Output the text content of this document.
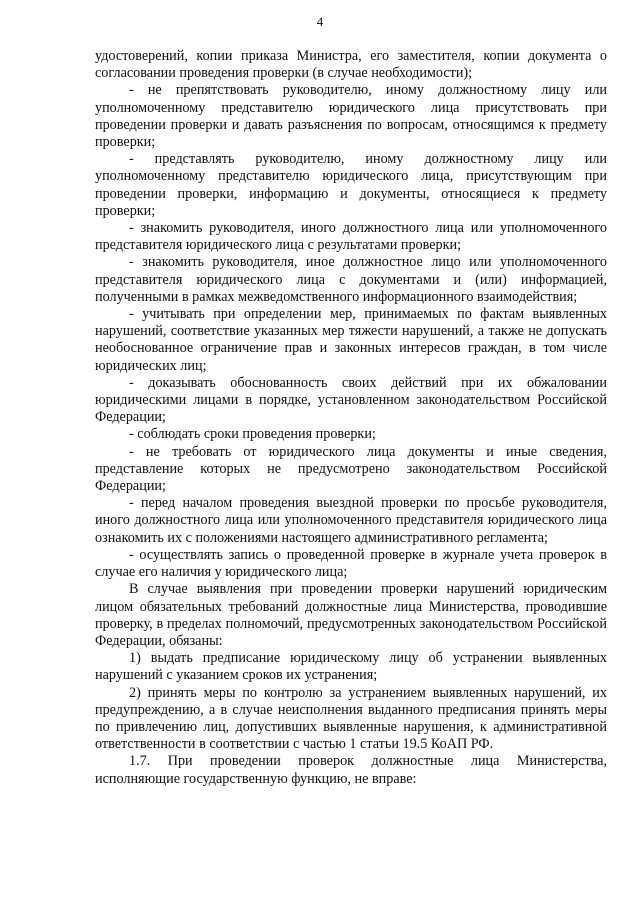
4

удостоверений, копии приказа Министра, его заместителя, копии документа о согласовании проведения проверки (в случае необходимости);

- не препятствовать руководителю, иному должностному лицу или уполномоченному представителю юридического лица присутствовать при проведении проверки и давать разъяснения по вопросам, относящимся к предмету проверки;

- представлять руководителю, иному должностному лицу или уполномоченному представителю юридического лица, присутствующим при проведении проверки, информацию и документы, относящиеся к предмету проверки;

- знакомить руководителя, иного должностного лица или уполномоченного представителя юридического лица с результатами проверки;

- знакомить руководителя, иное должностное лицо или уполномоченного представителя юридического лица с документами и (или) информацией, полученными в рамках межведомственного информационного взаимодействия;

- учитывать при определении мер, принимаемых по фактам выявленных нарушений, соответствие указанных мер тяжести нарушений, а также не допускать необоснованное ограничение прав и законных интересов граждан, в том числе юридических лиц;

- доказывать обоснованность своих действий при их обжаловании юридическими лицами в порядке, установленном законодательством Российской Федерации;

- соблюдать сроки проведения проверки;

- не требовать от юридического лица документы и иные сведения, представление которых не предусмотрено законодательством Российской Федерации;

- перед началом проведения выездной проверки по просьбе руководителя, иного должностного лица или уполномоченного представителя юридического лица ознакомить их с положениями настоящего административного регламента;

- осуществлять запись о проведенной проверке в журнале учета проверок в случае его наличия у юридического лица;

В случае выявления при проведении проверки нарушений юридическим лицом обязательных требований должностные лица Министерства, проводившие проверку, в пределах полномочий, предусмотренных законодательством Российской Федерации, обязаны:

1) выдать предписание юридическому лицу об устранении выявленных нарушений с указанием сроков их устранения;

2) принять меры по контролю за устранением выявленных нарушений, их предупреждению, а в случае неисполнения выданного предписания принять меры по привлечению лиц, допустивших выявленные нарушения, к административной ответственности в соответствии с частью 1 статьи 19.5 КоАП РФ.

1.7. При проведении проверок должностные лица Министерства, исполняющие государственную функцию, не вправе:
